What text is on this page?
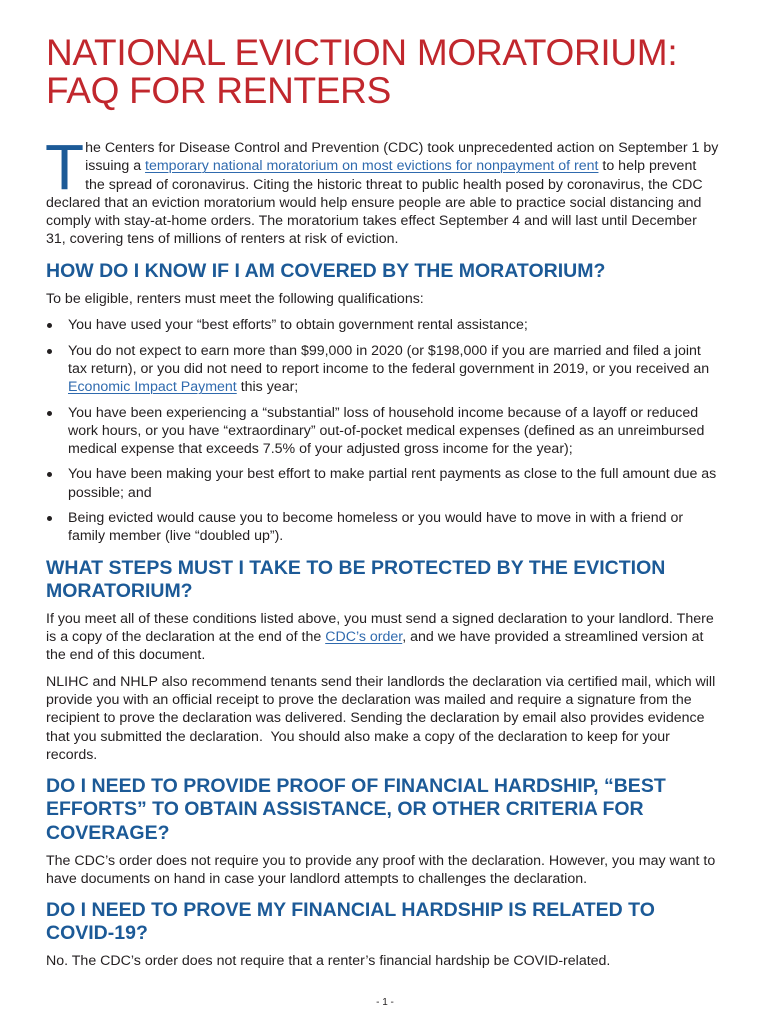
NATIONAL EVICTION MORATORIUM:
FAQ FOR RENTERS
T he Centers for Disease Control and Prevention (CDC) took unprecedented action on September 1 by
issuing a temporary national moratorium on most evictions for nonpayment of rent to help prevent
the spread of coronavirus. Citing the historic threat to public health posed by coronavirus, the CDC
declared that an eviction moratorium would help ensure people are able to practice social distancing and
comply with stay-at-home orders. The moratorium takes effect September 4 and will last until December
31, covering tens of millions of renters at risk of eviction.
HOW DO I KNOW IF I AM COVERED BY THE MORATORIUM?
To be eligible, renters must meet the following qualifications:
You have used your “best efforts” to obtain government rental assistance;
You do not expect to earn more than $99,000 in 2020 (or $198,000 if you are married and filed a joint
tax return), or you did not need to report income to the federal government in 2019, or you received an
Economic Impact Payment this year;
You have been experiencing a “substantial” loss of household income because of a layoff or reduced
work hours, or you have “extraordinary” out-of-pocket medical expenses (defined as an unreimbursed
medical expense that exceeds 7.5% of your adjusted gross income for the year);
You have been making your best effort to make partial rent payments as close to the full amount due as
possible; and
Being evicted would cause you to become homeless or you would have to move in with a friend or
family member (live “doubled up”).
WHAT STEPS MUST I TAKE TO BE PROTECTED BY THE EVICTION
MORATORIUM?
If you meet all of these conditions listed above, you must send a signed declaration to your landlord. There
is a copy of the declaration at the end of the CDC’s order, and we have provided a streamlined version at
the end of this document.
NLIHC and NHLP also recommend tenants send their landlords the declaration via certified mail, which will
provide you with an official receipt to prove the declaration was mailed and require a signature from the
recipient to prove the declaration was delivered. Sending the declaration by email also provides evidence
that you submitted the declaration.  You should also make a copy of the declaration to keep for your
records.
DO I NEED TO PROVIDE PROOF OF FINANCIAL HARDSHIP, “BEST
EFFORTS” TO OBTAIN ASSISTANCE, OR OTHER CRITERIA FOR
COVERAGE?
The CDC’s order does not require you to provide any proof with the declaration. However, you may want to
have documents on hand in case your landlord attempts to challenges the declaration.
DO I NEED TO PROVE MY FINANCIAL HARDSHIP IS RELATED TO
COVID-19?
No. The CDC’s order does not require that a renter’s financial hardship be COVID-related.
- 1 -
